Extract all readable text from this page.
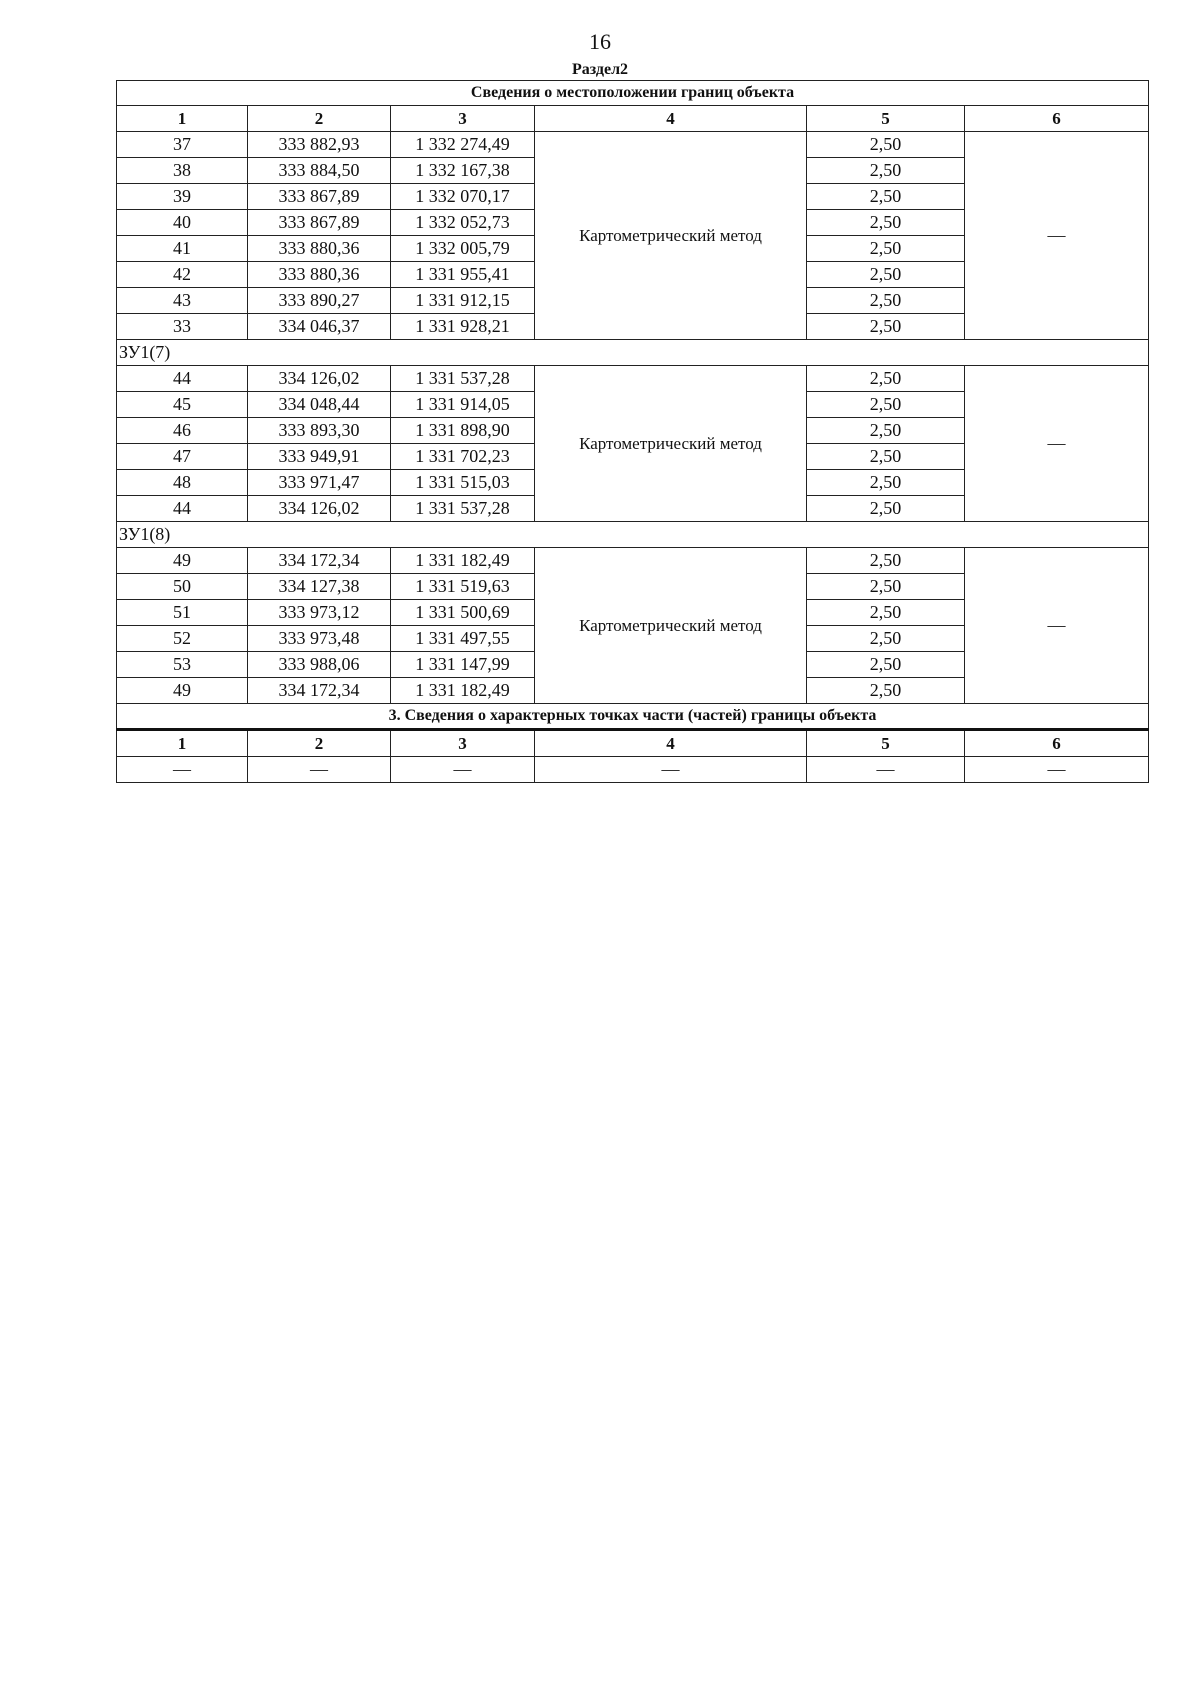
16
Раздел2
Сведения о местоположении границ объекта					
1	2	3	4	5	6
37	333 882,93	1 332 274,49	Картометрический метод	2,50	—
38	333 884,50	1 332 167,38		2,50	
39	333 867,89	1 332 070,17		2,50	
40	333 867,89	1 332 052,73		2,50	
41	333 880,36	1 332 005,79		2,50	
42	333 880,36	1 331 955,41		2,50	
43	333 890,27	1 331 912,15		2,50	
33	334 046,37	1 331 928,21		2,50	
ЗУ1(7)					
44	334 126,02	1 331 537,28	Картометрический метод	2,50	—
45	334 048,44	1 331 914,05		2,50	
46	333 893,30	1 331 898,90		2,50	
47	333 949,91	1 331 702,23		2,50	
48	333 971,47	1 331 515,03		2,50	
44	334 126,02	1 331 537,28		2,50	
ЗУ1(8)					
49	334 172,34	1 331 182,49	Картометрический метод	2,50	—
50	334 127,38	1 331 519,63		2,50	
51	333 973,12	1 331 500,69		2,50	
52	333 973,48	1 331 497,55		2,50	
53	333 988,06	1 331 147,99		2,50	
49	334 172,34	1 331 182,49		2,50	
3. Сведения о характерных точках части (частей) границы объекта					
1	2	3	4	5	6
—	—	—	—	—	—
